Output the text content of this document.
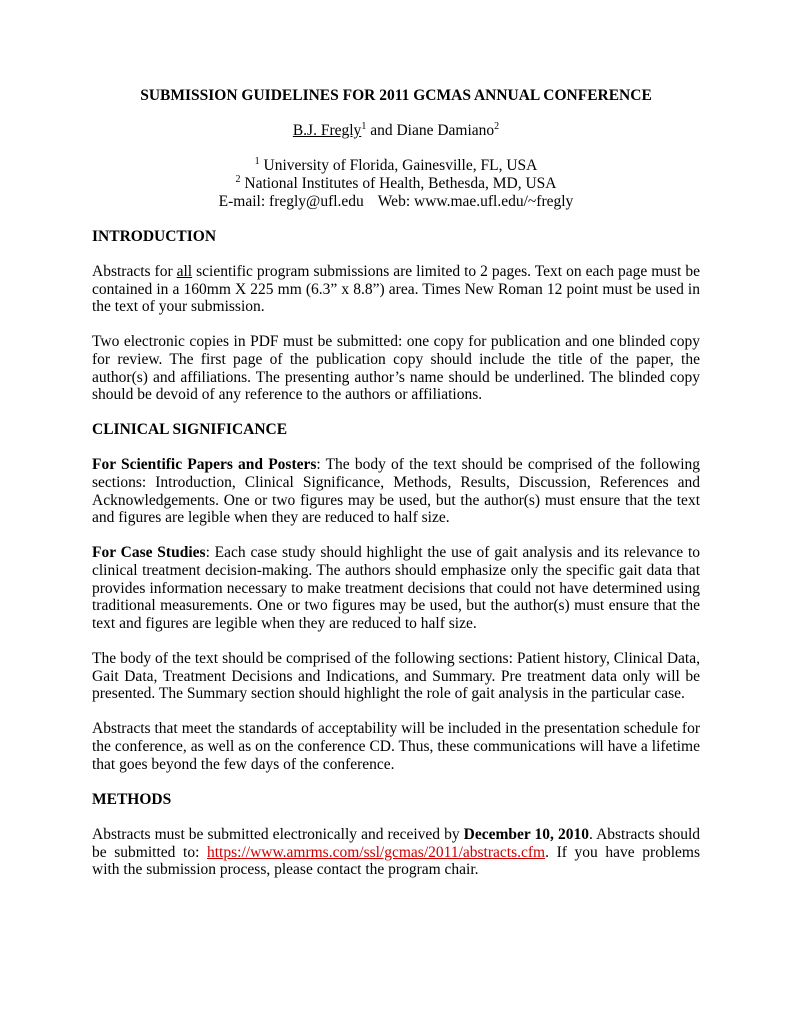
SUBMISSION GUIDELINES FOR 2011 GCMAS ANNUAL CONFERENCE
B.J. Fregly$^1$ and Diane Damiano$^2$
$^1$ University of Florida, Gainesville, FL, USA
$^2$ National Institutes of Health, Bethesda, MD, USA
E-mail: fregly@ufl.edu Web: www.mae.ufl.edu/~fregly
INTRODUCTION

Abstracts for all scientific program submissions are limited to 2 pages. Text on each page must be contained in a 160mm X 225 mm (6.3” x 8.8”) area. Times New Roman 12 point must be used in the text of your submission.

Two electronic copies in PDF must be submitted: one copy for publication and one blinded copy for review. The first page of the publication copy should include the title of the paper, the author(s) and affiliations. The presenting author’s name should be underlined. The blinded copy should be devoid of any reference to the authors or affiliations.

CLINICAL SIGNIFICANCE

For Scientific Papers and Posters: The body of the text should be comprised of the following sections: Introduction, Clinical Significance, Methods, Results, Discussion, References and Acknowledgements. One or two figures may be used, but the author(s) must ensure that the text and figures are legible when they are reduced to half size.

For Case Studies: Each case study should highlight the use of gait analysis and its relevance to clinical treatment decision-making. The authors should emphasize only the specific gait data that provides information necessary to make treatment decisions that could not have determined using traditional measurements. One or two figures may be used, but the author(s) must ensure that the text and figures are legible when they are reduced to half size.

The body of the text should be comprised of the following sections: Patient history, Clinical Data, Gait Data, Treatment Decisions and Indications, and Summary. Pre treatment data only will be presented. The Summary section should highlight the role of gait analysis in the particular case.

Abstracts that meet the standards of acceptability will be included in the presentation schedule for the conference, as well as on the conference CD. Thus, these communications will have a lifetime that goes beyond the few days of the conference.

METHODS

Abstracts must be submitted electronically and received by December 10, 2010. Abstracts should be submitted to: https://www.amrms.com/ssl/gcmas/2011/abstracts.cfm. If you have problems with the submission process, please contact the program chair.
